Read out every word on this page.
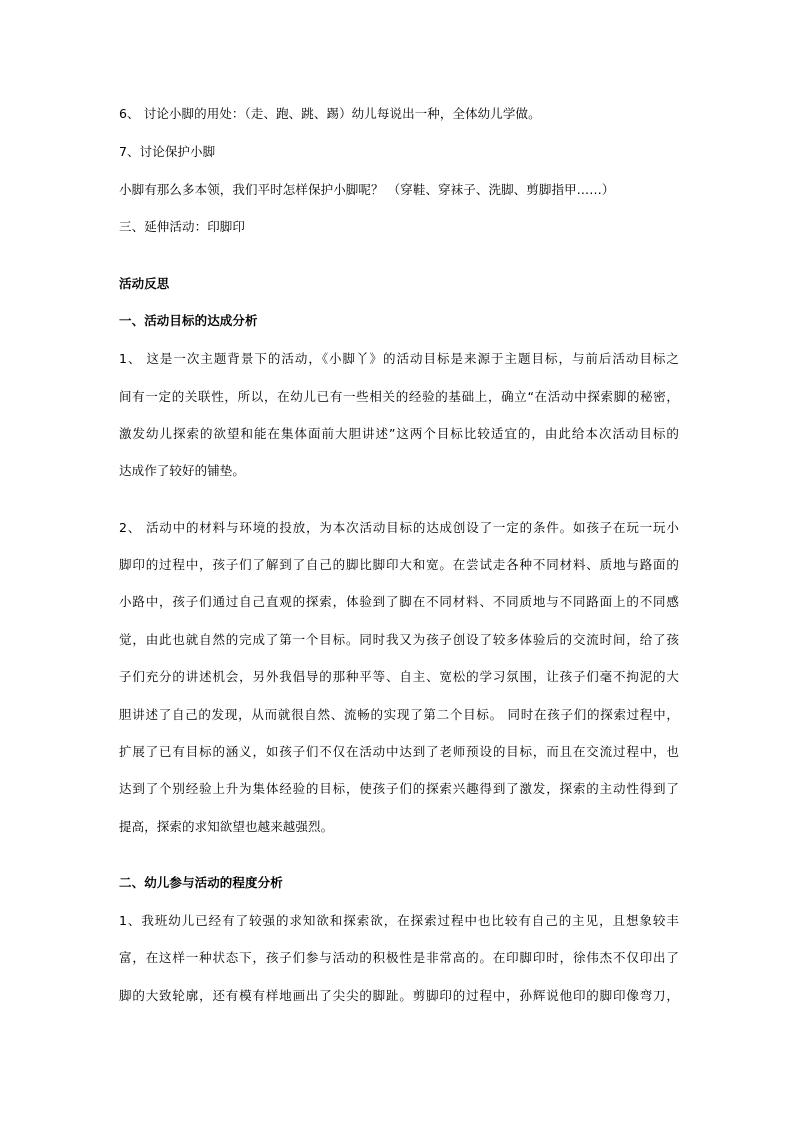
6、 讨论小脚的用处：（走、跑、跳、踢）幼儿每说出一种，全体幼儿学做。
7、讨论保护小脚
小脚有那么多本领，我们平时怎样保护小脚呢？ （穿鞋、穿袜子、洗脚、剪脚指甲……）
三、延伸活动：印脚印
活动反思
一、活动目标的达成分析
1、 这是一次主题背景下的活动，《小脚丫》的活动目标是来源于主题目标，与前后活动目标之
间有一定的关联性，所以，在幼儿已有一些相关的经验的基础上，确立“在活动中探索脚的秘密，
激发幼儿探索的欲望和能在集体面前大胆讲述”这两个目标比较适宜的，由此给本次活动目标的
达成作了较好的铺垫。
2、 活动中的材料与环境的投放，为本次活动目标的达成创设了一定的条件。如孩子在玩一玩小
脚印的过程中，孩子们了解到了自己的脚比脚印大和宽。在尝试走各种不同材料、质地与路面的
小路中，孩子们通过自己直观的探索，体验到了脚在不同材料、不同质地与不同路面上的不同感
觉，由此也就自然的完成了第一个目标。同时我又为孩子创设了较多体验后的交流时间，给了孩
子们充分的讲述机会，另外我倡导的那种平等、自主、宽松的学习氛围，让孩子们毫不拘泥的大
胆讲述了自己的发现，从而就很自然、流畅的实现了第二个目标。 同时在孩子们的探索过程中，
扩展了已有目标的涵义，如孩子们不仅在活动中达到了老师预设的目标，而且在交流过程中，也
达到了个别经验上升为集体经验的目标，使孩子们的探索兴趣得到了激发，探索的主动性得到了
提高，探索的求知欲望也越来越强烈。
二、幼儿参与活动的程度分析
1、我班幼儿已经有了较强的求知欲和探索欲，在探索过程中也比较有自己的主见，且想象较丰
富，在这样一种状态下，孩子们参与活动的积极性是非常高的。在印脚印时，徐伟杰不仅印出了
脚的大致轮廓，还有模有样地画出了尖尖的脚趾。剪脚印的过程中，孙辉说他印的脚印像弯刀，
